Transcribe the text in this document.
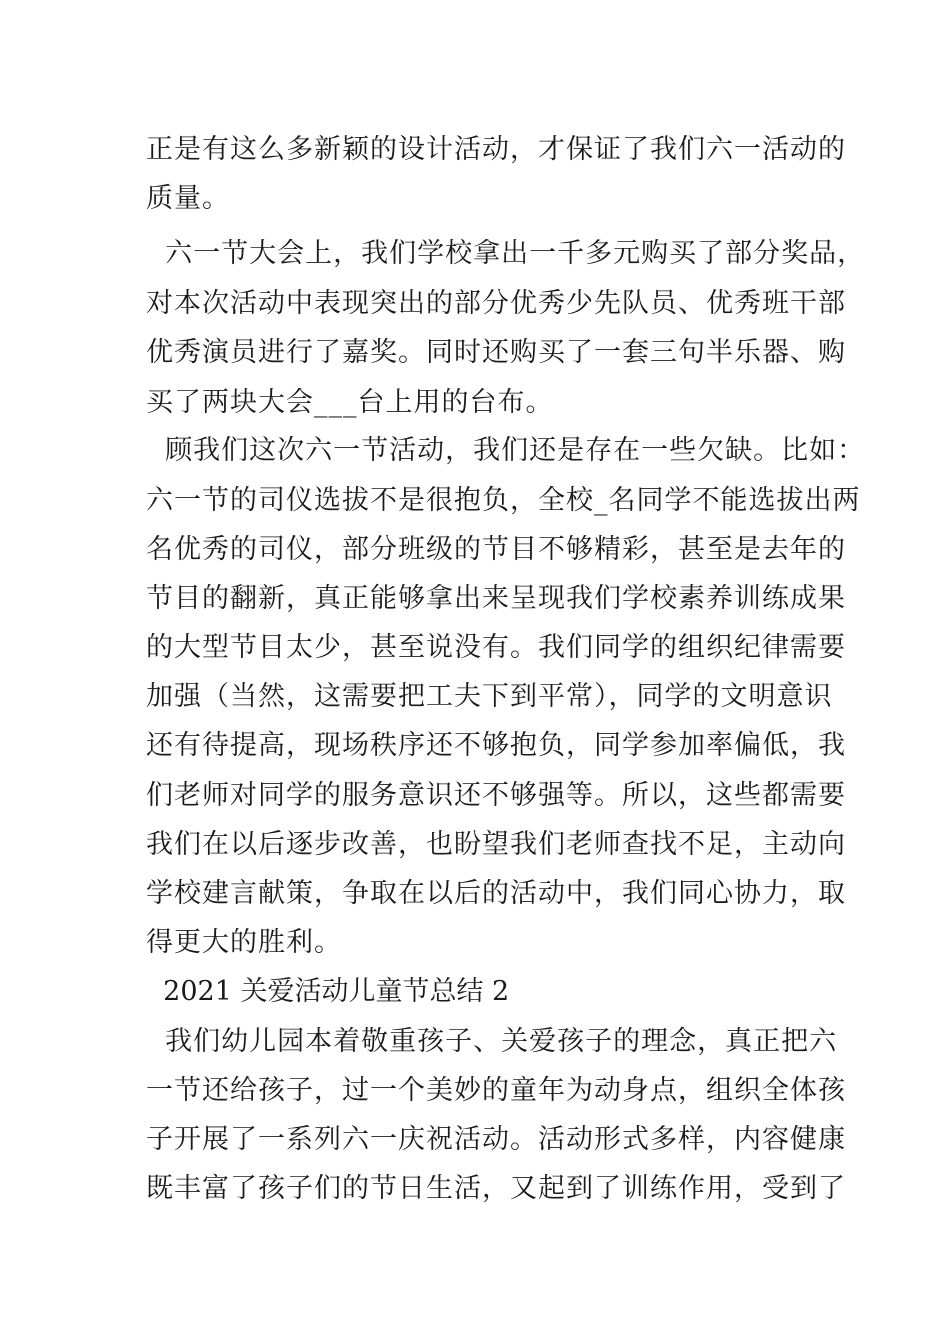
正是有这么多新颖的设计活动，才保证了我们六一活动的
质量。
六一节大会上，我们学校拿出一千多元购买了部分奖品，
对本次活动中表现突出的部分优秀少先队员、优秀班干部
优秀演员进行了嘉奖。同时还购买了一套三句半乐器、购
买了两块大会___台上用的台布。
顾我们这次六一节活动，我们还是存在一些欠缺。比如：
六一节的司仪选拔不是很抱负，全校_名同学不能选拔出两
名优秀的司仪，部分班级的节目不够精彩，甚至是去年的
节目的翻新，真正能够拿出来呈现我们学校素养训练成果
的大型节目太少，甚至说没有。我们同学的组织纪律需要
加强（当然，这需要把工夫下到平常），同学的文明意识
还有待提高，现场秩序还不够抱负，同学参加率偏低，我
们老师对同学的服务意识还不够强等。所以，这些都需要
我们在以后逐步改善，也盼望我们老师查找不足，主动向
学校建言献策，争取在以后的活动中，我们同心协力，取
得更大的胜利。
2021 关爱活动儿童节总结 2
我们幼儿园本着敬重孩子、关爱孩子的理念，真正把六
一节还给孩子，过一个美妙的童年为动身点，组织全体孩
子开展了一系列六一庆祝活动。活动形式多样，内容健康
既丰富了孩子们的节日生活，又起到了训练作用，受到了
